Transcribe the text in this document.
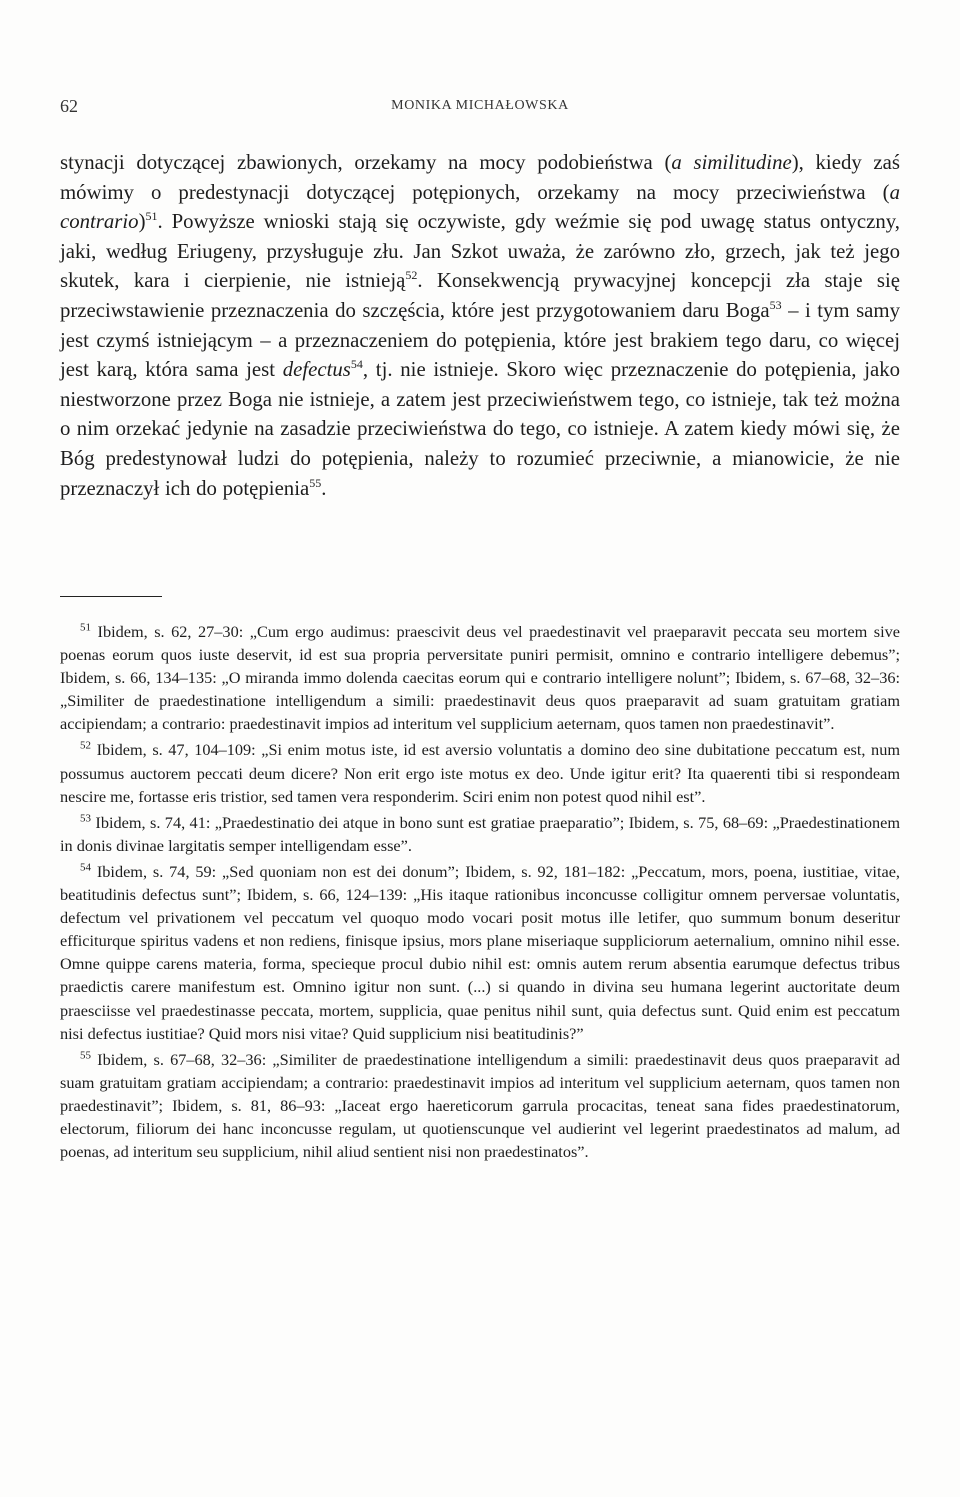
62	MONIKA MICHAŁOWSKA

stynacji dotyczącej zbawionych, orzekamy na mocy podobieństwa (a similitudine), kiedy zaś mówimy o predestynacji dotyczącej potępionych, orzekamy na mocy przeciwieństwa (a contrario)$^{51}$. Powyższe wnioski stają się oczywiste, gdy weźmie się pod uwagę status ontyczny, jaki, według Eriugeny, przysługuje złu. Jan Szkot uważa, że zarówno zło, grzech, jak też jego skutek, kara i cierpienie, nie istnieją$^{52}$. Konsekwencją prywacyjnej koncepcji zła staje się przeciwstawienie przeznaczenia do szczęścia, które jest przygotowaniem daru Boga$^{53}$ – i tym samy jest czymś istniejącym – a przeznaczeniem do potępienia, które jest brakiem tego daru, co więcej jest karą, która sama jest defectus$^{54}$, tj. nie istnieje. Skoro więc przeznaczenie do potępienia, jako niestworzone przez Boga nie istnieje, a zatem jest przeciwieństwem tego, co istnieje, tak też można o nim orzekać jedynie na zasadzie przeciwieństwa do tego, co istnieje. A zatem kiedy mówi się, że Bóg predestynował ludzi do potępienia, należy to rozumieć przeciwnie, a mianowicie, że nie przeznaczył ich do potępienia$^{55}$.

$^{51}$ Ibidem, s. 62, 27–30: „Cum ergo audimus: praescivit deus vel praedestinavit vel praeparavit peccata seu mortem sive poenas eorum quos iuste deservit, id est sua propria perversitate puniri permisit, omnino e contrario intelligere debemus”; Ibidem, s. 66, 134–135: „O miranda immo dolenda caecitas eorum qui e contrario intelligere nolunt”; Ibidem, s. 67–68, 32–36: „Similiter de praedestinatione intelligendum a simili: praedestinavit deus quos praeparavit ad suam gratuitam gratiam accipiendam; a contrario: praedestinavit impios ad interitum vel supplicium aeternam, quos tamen non praedestinavit”.

$^{52}$ Ibidem, s. 47, 104–109: „Si enim motus iste, id est aversio voluntatis a domino deo sine dubitatione peccatum est, num possumus auctorem peccati deum dicere? Non erit ergo iste motus ex deo. Unde igitur erit? Ita quaerenti tibi si respondeam nescire me, fortasse eris tristior, sed tamen vera responderim. Sciri enim non potest quod nihil est”.

$^{53}$ Ibidem, s. 74, 41: „Praedestinatio dei atque in bono sunt est gratiae praeparatio”; Ibidem, s. 75, 68–69: „Praedestinationem in donis divinae largitatis semper intelligendam esse”.

$^{54}$ Ibidem, s. 74, 59: „Sed quoniam non est dei donum”; Ibidem, s. 92, 181–182: „Peccatum, mors, poena, iustitiae, vitae, beatitudinis defectus sunt”; Ibidem, s. 66, 124–139: „His itaque rationibus inconcusse colligitur omnem perversae voluntatis, defectum vel privationem vel peccatum vel quoquo modo vocari posit motus ille letifer, quo summum bonum deseritur efficiturque spiritus vadens et non rediens, finisque ipsius, mors plane miseriaque suppliciorum aeternalium, omnino nihil esse. Omne quippe carens materia, forma, specieque procul dubio nihil est: omnis autem rerum absentia earumque defectus tribus praedictis carere manifestum est. Omnino igitur non sunt. (...) si quando in divina seu humana legerint auctoritate deum praesciisse vel praedestinasse peccata, mortem, supplicia, quae penitus nihil sunt, quia defectus sunt. Quid enim est peccatum nisi defectus iustitiae? Quid mors nisi vitae? Quid supplicium nisi beatitudinis?”

$^{55}$ Ibidem, s. 67–68, 32–36: „Similiter de praedestinatione intelligendum a simili: praedestinavit deus quos praeparavit ad suam gratuitam gratiam accipiendam; a contrario: praedestinavit impios ad interitum vel supplicium aeternam, quos tamen non praedestinavit”; Ibidem, s. 81, 86–93: „Iaceat ergo haereticorum garrula procacitas, teneat sana fides praedestinatorum, electorum, filiorum dei hanc inconcusse regulam, ut quotienscunque vel audierint vel legerint praedestinatos ad malum, ad poenas, ad interitum seu supplicium, nihil aliud sentient nisi non praedestinatos”.
